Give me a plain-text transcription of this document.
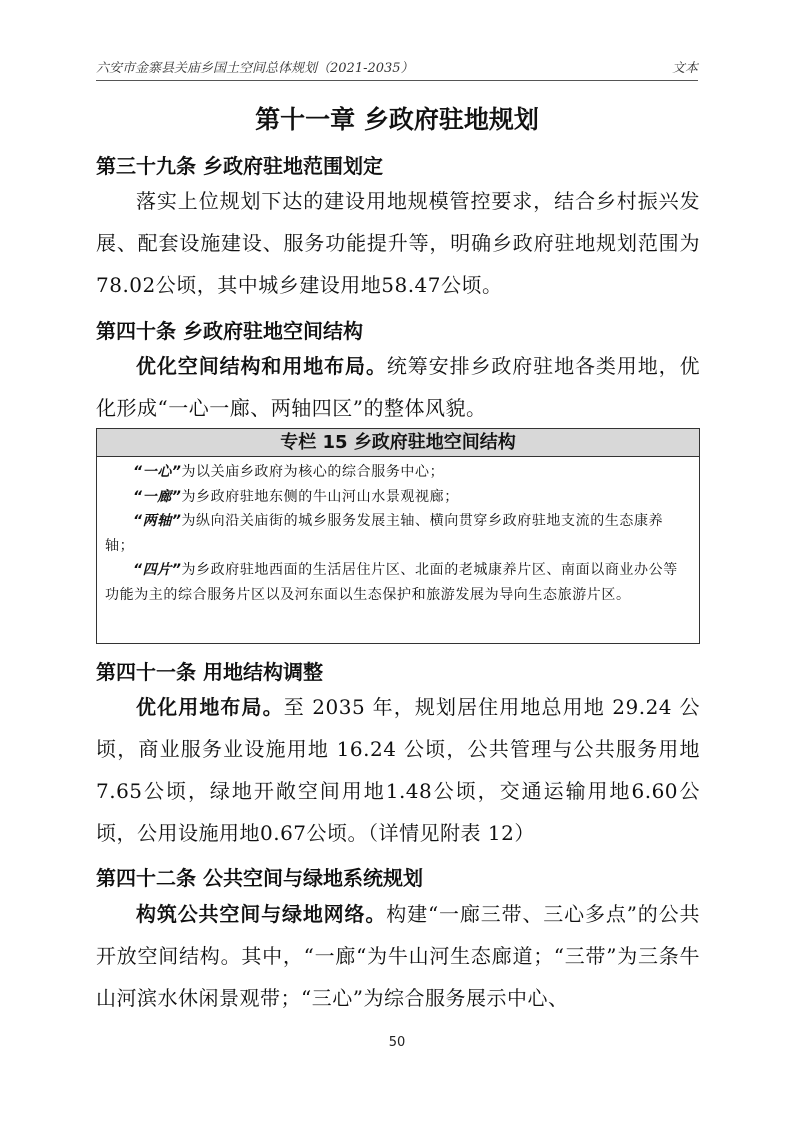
六安市金寨县关庙乡国土空间总体规划（2021-2035）	文本
第十一章 乡政府驻地规划
第三十九条 乡政府驻地范围划定
落实上位规划下达的建设用地规模管控要求，结合乡村振兴发展、配套设施建设、服务功能提升等，明确乡政府驻地规划范围为78.02公顷，其中城乡建设用地58.47公顷。
第四十条 乡政府驻地空间结构
优化空间结构和用地布局。统筹安排乡政府驻地各类用地，优化形成“一心一廊、两轴四区”的整体风貌。
专栏 15 乡政府驻地空间结构

“一心”为以关庙乡政府为核心的综合服务中心；

“一廊”为乡政府驻地东侧的牛山河山水景观视廊；

“两轴”为纵向沿关庙街的城乡服务发展主轴、横向贯穿乡政府驻地支流的生态康养轴；

“四片”为乡政府驻地西面的生活居住片区、北面的老城康养片区、南面以商业办公等功能为主的综合服务片区以及河东面以生态保护和旅游发展为导向生态旅游片区。

第四十一条 用地结构调整
优化用地布局。至 2035 年，规划居住用地总用地 29.24 公顷，商业服务业设施用地 16.24 公顷，公共管理与公共服务用地7.65公顷，绿地开敞空间用地1.48公顷，交通运输用地6.60公顷，公用设施用地0.67公顷。（详情见附表 12）
第四十二条 公共空间与绿地系统规划
构筑公共空间与绿地网络。构建“一廊三带、三心多点”的公共开放空间结构。其中，“一廊“为牛山河生态廊道；“三带”为三条牛山河滨水休闲景观带；“三心”为综合服务展示中心、
50
